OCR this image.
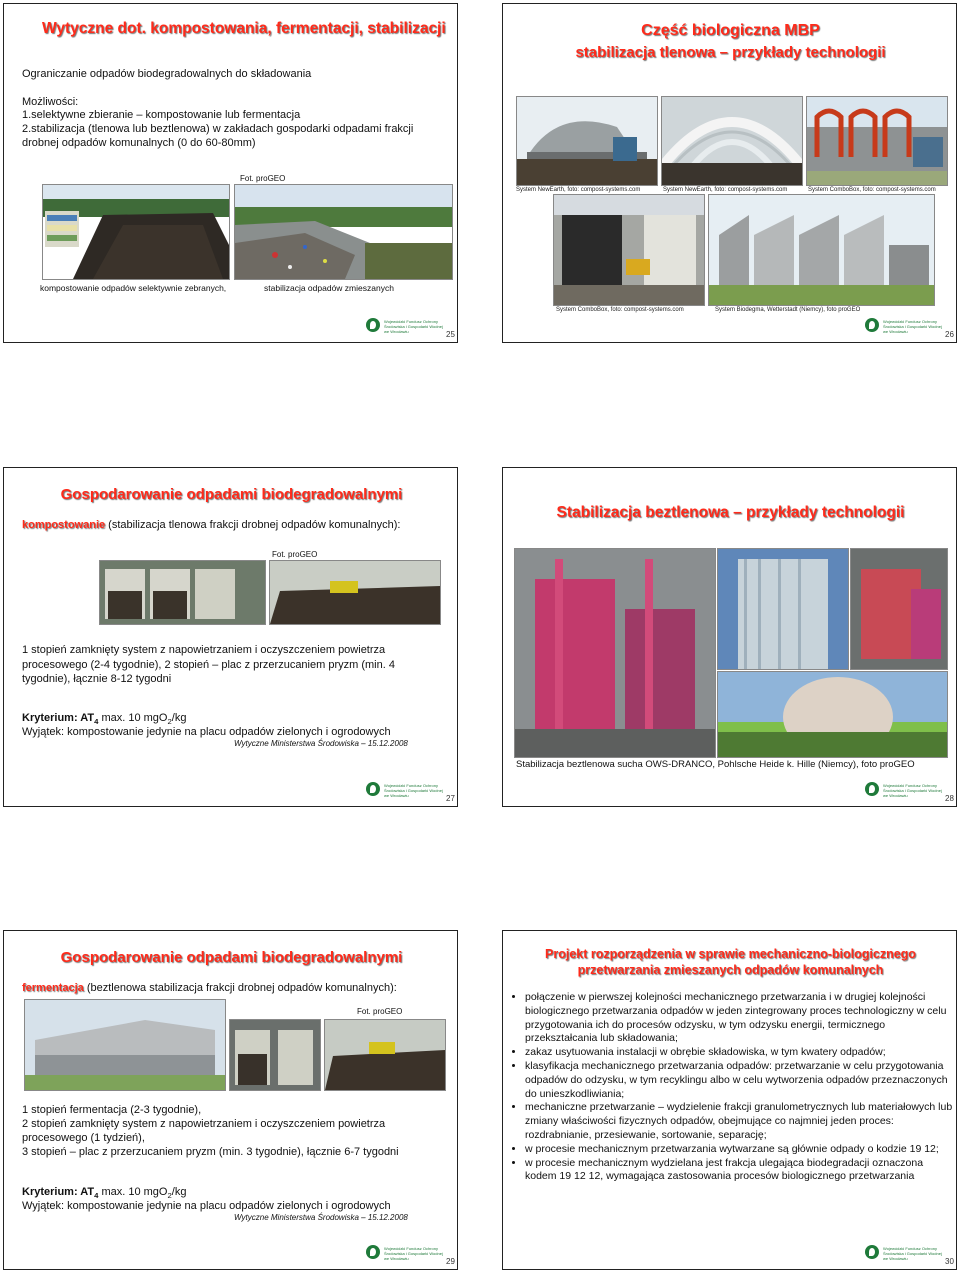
Wytyczne dot. kompostowania, fermentacji, stabilizacji
Ograniczanie odpadów biodegradowalnych do składowania
Możliwości:
1.selektywne zbieranie – kompostowanie lub fermentacja
2.stabilizacja (tlenowa lub beztlenowa) w zakładach gospodarki odpadami frakcji
drobnej odpadów komunalnych (0 do 60-80mm)
Fot. proGEO
kompostowanie odpadów selektywnie zebranych,	stabilizacja odpadów zmieszanych
Wojewódzki Fundusz Ochrony Środowiska i Gospodarki Wodnej we Wrocławiu	25
Część biologiczna MBP
stabilizacja tlenowa – przykłady technologii
System NewEarth, foto: compost-systems.com	System NewEarth, foto: compost-systems.com	System ComboBox, foto: compost-systems.com
System ComboBox, foto: compost-systems.com	System Biodegma, Wetterstadt (Niemcy), foto proGEO
Wojewódzki Fundusz Ochrony Środowiska i Gospodarki Wodnej we Wrocławiu	26
Gospodarowanie odpadami biodegradowalnymi
kompostowanie (stabilizacja tlenowa frakcji drobnej odpadów komunalnych):
Fot. proGEO
1 stopień zamknięty system z napowietrzaniem i oczyszczeniem powietrza
procesowego (2-4 tygodnie), 2 stopień – plac z przerzucaniem pryzm (min. 4
tygodnie), łącznie 8-12 tygodni
Kryterium: $AT_4$ max. 10 mgO$_2$/kg
Wyjątek: kompostowanie jedynie na placu odpadów zielonych i ogrodowych
Wytyczne Ministerstwa Środowiska – 15.12.2008
Wojewódzki Fundusz Ochrony Środowiska i Gospodarki Wodnej we Wrocławiu	27
Stabilizacja beztlenowa – przykłady technologii
Stabilizacja beztlenowa sucha OWS-DRANCO, Pohlsche Heide k. Hille (Niemcy), foto proGEO
Wojewódzki Fundusz Ochrony Środowiska i Gospodarki Wodnej we Wrocławiu	28
Gospodarowanie odpadami biodegradowalnymi
fermentacja (beztlenowa stabilizacja frakcji drobnej odpadów komunalnych):
Fot. proGEO
1 stopień fermentacja (2-3 tygodnie),
2 stopień zamknięty system z napowietrzaniem i oczyszczeniem powietrza
procesowego (1 tydzień),
3 stopień – plac z przerzucaniem pryzm (min. 3 tygodnie), łącznie 6-7 tygodni
Kryterium: $AT_4$ max. 10 mgO$_2$/kg
Wyjątek: kompostowanie jedynie na placu odpadów zielonych i ogrodowych
Wytyczne Ministerstwa Środowiska – 15.12.2008
Wojewódzki Fundusz Ochrony Środowiska i Gospodarki Wodnej we Wrocławiu	29
Projekt rozporządzenia w sprawie mechaniczno-biologicznego
przetwarzania zmieszanych odpadów komunalnych
• połączenie w pierwszej kolejności mechanicznego przetwarzania i w drugiej kolejności biologicznego przetwarzania odpadów w jeden zintegrowany proces technologiczny w celu przygotowania ich do procesów odzysku, w tym odzysku energii, termicznego przekształcania lub składowania;
• zakaz usytuowania instalacji w obrębie składowiska, w tym kwatery odpadów;
• klasyfikacja mechanicznego przetwarzania odpadów: przetwarzanie w celu przygotowania odpadów do odzysku, w tym recyklingu albo w celu wytworzenia odpadów przeznaczonych do unieszkodliwiania;
• mechaniczne przetwarzanie – wydzielenie frakcji granulometrycznych lub materiałowych lub zmiany właściwości fizycznych odpadów, obejmujące co najmniej jeden proces: rozdrabnianie, przesiewanie, sortowanie, separację;
• w procesie mechanicznym przetwarzania wytwarzane są głównie odpady o kodzie 19 12;
• w procesie mechanicznym wydzielana jest frakcja ulegająca biodegradacji oznaczona kodem 19 12 12, wymagająca zastosowania procesów biologicznego przetwarzania
Wojewódzki Fundusz Ochrony Środowiska i Gospodarki Wodnej we Wrocławiu	30
